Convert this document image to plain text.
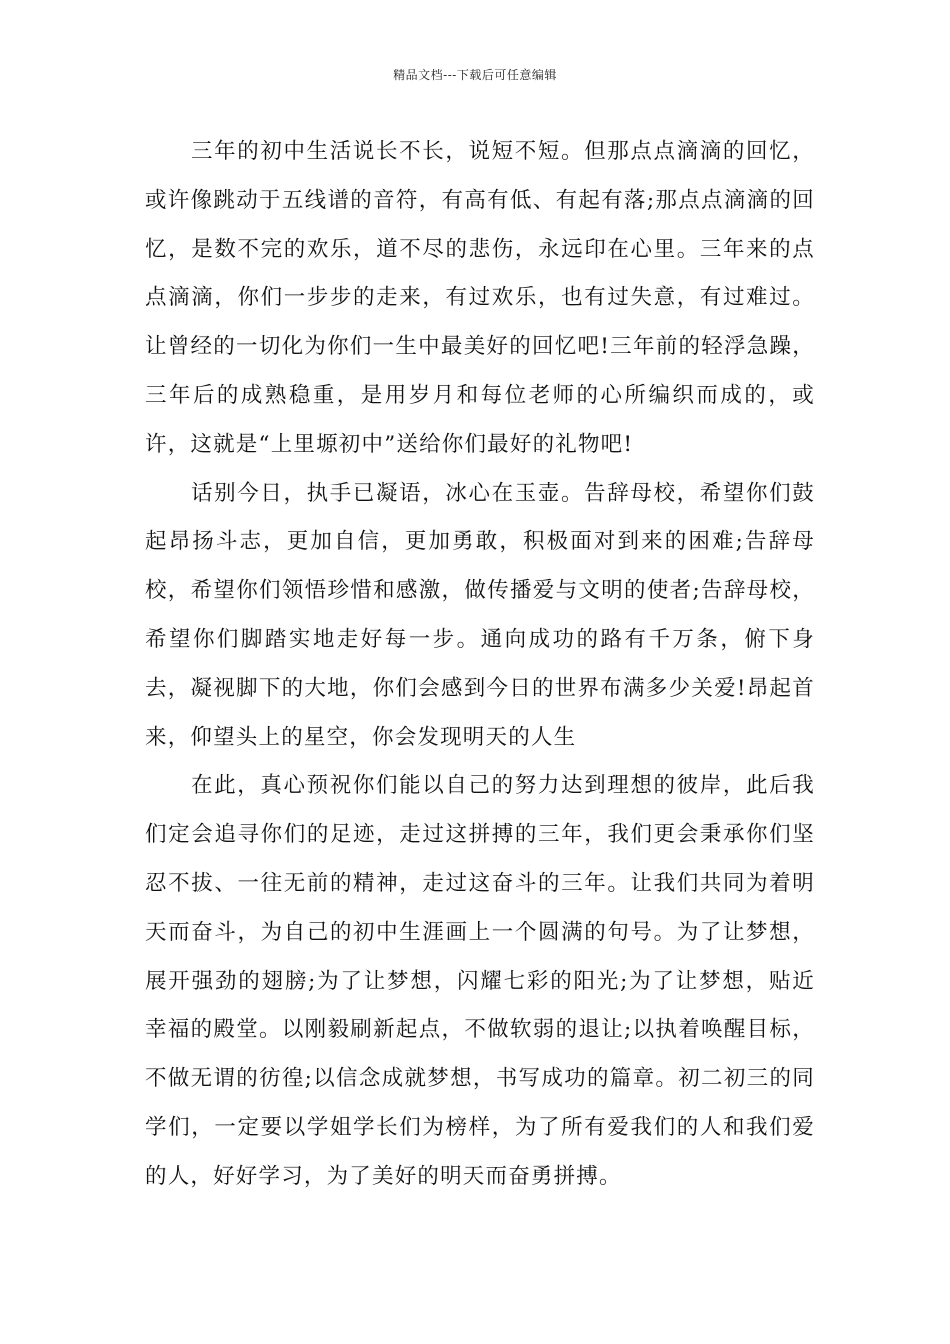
精品文档---下载后可任意编辑

三年的初中生活说长不长，说短不短。但那点点滴滴的回忆，或许像跳动于五线谱的音符，有高有低、有起有落;那点点滴滴的回忆，是数不完的欢乐，道不尽的悲伤，永远印在心里。三年来的点点滴滴，你们一步步的走来，有过欢乐，也有过失意，有过难过。让曾经的一切化为你们一生中最美好的回忆吧!三年前的轻浮急躁，三年后的成熟稳重，是用岁月和每位老师的心所编织而成的，或许，这就是“上里塬初中”送给你们最好的礼物吧!

话别今日，执手已凝语，冰心在玉壶。告辞母校，希望你们鼓起昂扬斗志，更加自信，更加勇敢，积极面对到来的困难;告辞母校，希望你们领悟珍惜和感激，做传播爱与文明的使者;告辞母校，希望你们脚踏实地走好每一步。通向成功的路有千万条，俯下身去，凝视脚下的大地，你们会感到今日的世界布满多少关爱!昂起首来，仰望头上的星空，你会发现明天的人生

在此，真心预祝你们能以自己的努力达到理想的彼岸，此后我们定会追寻你们的足迹，走过这拼搏的三年，我们更会秉承你们坚忍不拔、一往无前的精神，走过这奋斗的三年。让我们共同为着明天而奋斗，为自己的初中生涯画上一个圆满的句号。为了让梦想，展开强劲的翅膀;为了让梦想，闪耀七彩的阳光;为了让梦想，贴近幸福的殿堂。以刚毅刷新起点，不做软弱的退让;以执着唤醒目标，不做无谓的彷徨;以信念成就梦想，书写成功的篇章。初二初三的同学们，一定要以学姐学长们为榜样，为了所有爱我们的人和我们爱的人，好好学习，为了美好的明天而奋勇拼搏。
